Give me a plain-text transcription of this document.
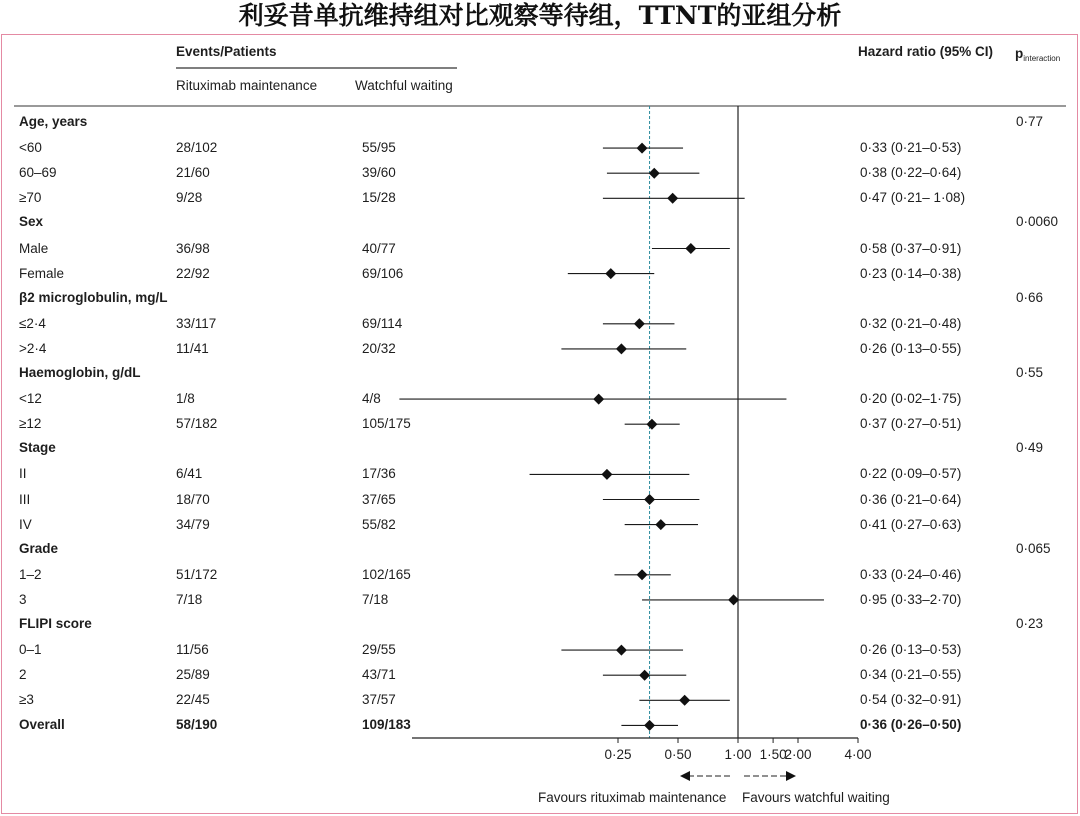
利妥昔单抗维持组对比观察等待组，TTNT的亚组分析
Events/Patients
Rituximab maintenance	Watchful waiting
Hazard ratio (95% CI) $p_{interaction}$
0·25 0·50 1·00 1·50
2·00 4·00
Age, years	0·77
<60	28/102	55/95	0·33 (0·21–0·53)
60–69	21/60	39/60	0·38 (0·22–0·64)
≥70	9/28	15/28	0·47 (0·21– 1·08)
Sex	0·0060
Male	36/98	40/77	0·58 (0·37–0·91)
Female	22/92	69/106	0·23 (0·14–0·38)
β2 microglobulin, mg/L	0·66
≤2·4	33/117	69/114	0·32 (0·21–0·48)
>2·4	11/41	20/32	0·26 (0·13–0·55)
Haemoglobin, g/dL	0·55
<12	1/8	4/8	0·20 (0·02–1·75)
≥12	57/182	105/175	0·37 (0·27–0·51)
Stage	0·49
II	6/41	17/36	0·22 (0·09–0·57)
III	18/70	37/65	0·36 (0·21–0·64)
IV	34/79	55/82	0·41 (0·27–0·63)
Grade	0·065
1–2	51/172	102/165	0·33 (0·24–0·46)
3	7/18	7/18	0·95 (0·33–2·70)
FLIPI score	0·23
0–1	11/56	29/55	0·26 (0·13–0·53)
2	25/89	43/71	0·34 (0·21–0·55)
≥3	22/45	37/57	0·54 (0·32–0·91)
Overall	58/190	109/183	0·36 (0·26–0·50)
Favours rituximab maintenance Favours watchful waiting
